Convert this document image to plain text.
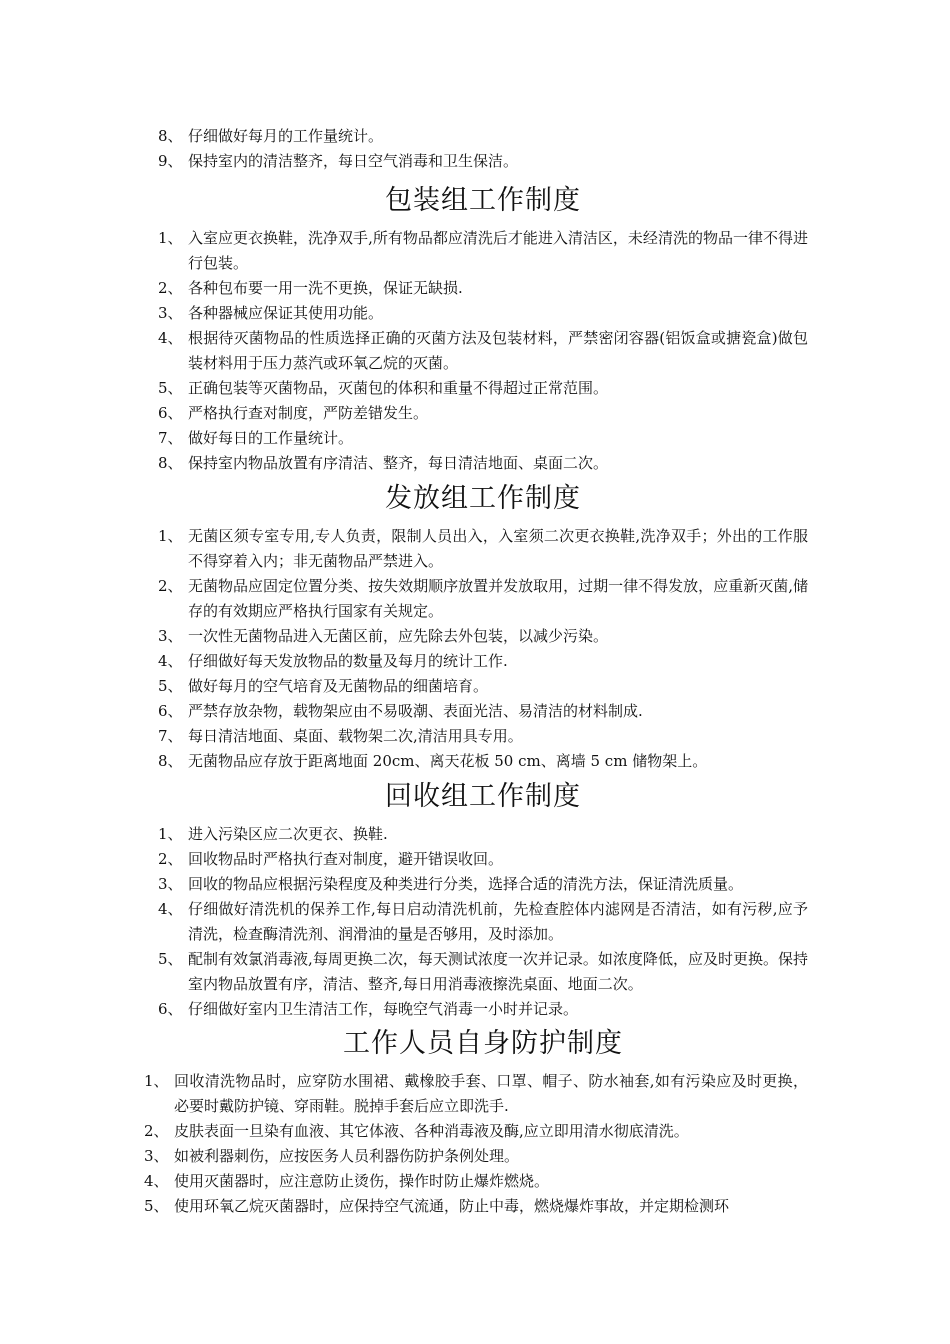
8、 仔细做好每月的工作量统计。
9、 保持室内的清洁整齐，每日空气消毒和卫生保洁。
包装组工作制度
1、 入室应更衣换鞋，洗净双手,所有物品都应清洗后才能进入清洁区，未经清洗的物品一律不得进行包装。
2、 各种包布要一用一洗不更换，保证无缺损.
3、 各种器械应保证其使用功能。
4、 根据待灭菌物品的性质选择正确的灭菌方法及包装材料，严禁密闭容器(铝饭盒或搪瓷盒)做包装材料用于压力蒸汽或环氧乙烷的灭菌。
5、 正确包装等灭菌物品，灭菌包的体积和重量不得超过正常范围。
6、 严格执行查对制度，严防差错发生。
7、 做好每日的工作量统计。
8、 保持室内物品放置有序清洁、整齐，每日清洁地面、桌面二次。
发放组工作制度
1、 无菌区须专室专用,专人负责，限制人员出入，入室须二次更衣换鞋,洗净双手；外出的工作服不得穿着入内；非无菌物品严禁进入。
2、 无菌物品应固定位置分类、按失效期顺序放置并发放取用，过期一律不得发放，应重新灭菌,储存的有效期应严格执行国家有关规定。
3、 一次性无菌物品进入无菌区前，应先除去外包装，以减少污染。
4、 仔细做好每天发放物品的数量及每月的统计工作.
5、 做好每月的空气培育及无菌物品的细菌培育。
6、 严禁存放杂物，载物架应由不易吸潮、表面光洁、易清洁的材料制成.
7、 每日清洁地面、桌面、载物架二次,清洁用具专用。
8、 无菌物品应存放于距离地面 20cm、离天花板 50 cm、离墙 5 cm 储物架上。
回收组工作制度
1、 进入污染区应二次更衣、换鞋.
2、 回收物品时严格执行查对制度，避开错误收回。
3、 回收的物品应根据污染程度及种类进行分类，选择合适的清洗方法，保证清洗质量。
4、 仔细做好清洗机的保养工作,每日启动清洗机前，先检查腔体内滤网是否清洁，如有污秽,应予清洗，检查酶清洗剂、润滑油的量是否够用，及时添加。
5、 配制有效氯消毒液,每周更换二次，每天测试浓度一次并记录。如浓度降低，应及时更换。保持室内物品放置有序，清洁、整齐,每日用消毒液擦洗桌面、地面二次。
6、 仔细做好室内卫生清洁工作，每晚空气消毒一小时并记录。
工作人员自身防护制度
1、 回收清洗物品时，应穿防水围裙、戴橡胶手套、口罩、帽子、防水袖套,如有污染应及时更换，必要时戴防护镜、穿雨鞋。脱掉手套后应立即洗手.
2、 皮肤表面一旦染有血液、其它体液、各种消毒液及酶,应立即用清水彻底清洗。
3、 如被利器刺伤，应按医务人员利器伤防护条例处理。
4、 使用灭菌器时，应注意防止烫伤，操作时防止爆炸燃烧。
5、 使用环氧乙烷灭菌器时，应保持空气流通，防止中毒，燃烧爆炸事故，并定期检测环
